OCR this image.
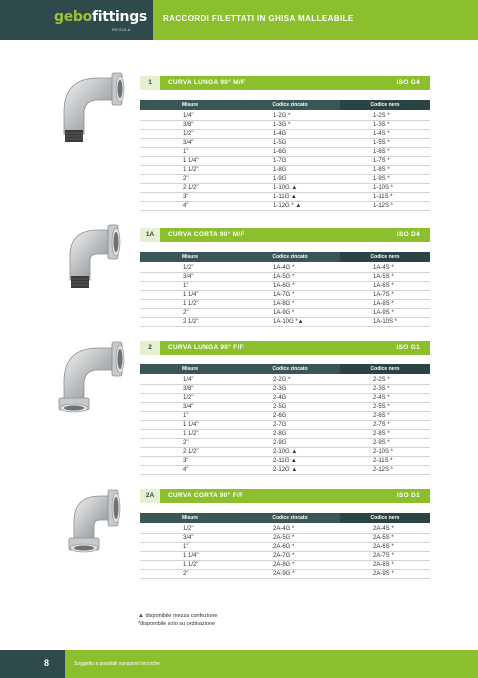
gebofittings
REGULA
RACCORDI FILETTATI IN GHISA MALLEABILE
1	CURVA LUNGA 90° M/F	ISO G4
Misure	Codice zincato	Codice nero
1/4"	1-2G *	1-2S *
3/8"	1-3G *	1-3S *
1/2"	1-4G	1-4S *
3/4"	1-5G	1-5S *
1"	1-6G	1-6S *
1 1/4"	1-7G	1-7S *
1 1/2"	1-8G	1-8S *
2"	1-9G	1-9S *
2 1/2"	1-10G ▲	1-10S *
3"	1-11G ▲	1-11S *
4"	1-12G * ▲	1-12S *
1A	CURVA CORTA 90° M/F	ISO D4
Misure	Codice zincato	Codice nero
1/2"	1A-4G *	1A-4S *
3/4"	1A-5G *	1A-5S *
1"	1A-6G *	1A-6S *
1 1/4"	1A-7G *	1A-7S *
1 1/2"	1A-8G *	1A-8S *
2"	1A-9G *	1A-9S *
2 1/2"	1A-10G *▲	1A-10S *
2	CURVA LUNGA 90° F/F	ISO G1
Misure	Codice zincato	Codice nero
1/4"	2-2G *	2-2S *
3/8"	2-3G	2-3S *
1/2"	2-4G	2-4S *
3/4"	2-5G	2-5S *
1"	2-6G	2-6S *
1 1/4"	2-7G	2-7S *
1 1/2"	2-8G	2-8S *
2"	2-9G	2-9S *
2 1/2"	2-10G ▲	2-10S *
3"	2-11G ▲	2-11S *
4"	2-12G ▲	2-12S *
2A	CURVA CORTA 90° F/F	ISO D1
Misure	Codice zincato	Codice nero
1/2"	2A-4G *	2A-4S *
3/4"	2A-5G *	2A-5S *
1"	2A-6G *	2A-6S *
1 1/4"	2A-7G *	2A-7S *
1 1/2"	2A-8G *	2A-8S *
2"	2A-9G *	2A-9S *
▲ disponibile mezza confezione
*disponibile solo su ordinazione
8	Soggetto a possibili variazioni tecniche
